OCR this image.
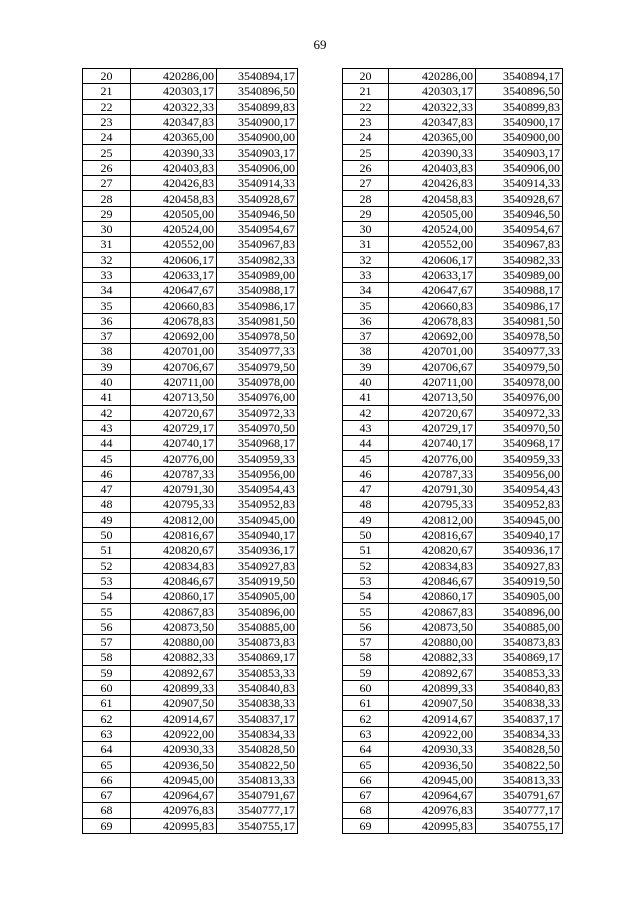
69
20	420286,00	3540894,17		20	420286,00	3540894,17
21	420303,17	3540896,50		21	420303,17	3540896,50
22	420322,33	3540899,83		22	420322,33	3540899,83
23	420347,83	3540900,17		23	420347,83	3540900,17
24	420365,00	3540900,00		24	420365,00	3540900,00
25	420390,33	3540903,17		25	420390,33	3540903,17
26	420403,83	3540906,00		26	420403,83	3540906,00
27	420426,83	3540914,33		27	420426,83	3540914,33
28	420458,83	3540928,67		28	420458,83	3540928,67
29	420505,00	3540946,50		29	420505,00	3540946,50
30	420524,00	3540954,67		30	420524,00	3540954,67
31	420552,00	3540967,83		31	420552,00	3540967,83
32	420606,17	3540982,33		32	420606,17	3540982,33
33	420633,17	3540989,00		33	420633,17	3540989,00
34	420647,67	3540988,17		34	420647,67	3540988,17
35	420660,83	3540986,17		35	420660,83	3540986,17
36	420678,83	3540981,50		36	420678,83	3540981,50
37	420692,00	3540978,50		37	420692,00	3540978,50
38	420701,00	3540977,33		38	420701,00	3540977,33
39	420706,67	3540979,50		39	420706,67	3540979,50
40	420711,00	3540978,00		40	420711,00	3540978,00
41	420713,50	3540976,00		41	420713,50	3540976,00
42	420720,67	3540972,33		42	420720,67	3540972,33
43	420729,17	3540970,50		43	420729,17	3540970,50
44	420740,17	3540968,17		44	420740,17	3540968,17
45	420776,00	3540959,33		45	420776,00	3540959,33
46	420787,33	3540956,00		46	420787,33	3540956,00
47	420791,30	3540954,43		47	420791,30	3540954,43
48	420795,33	3540952,83		48	420795,33	3540952,83
49	420812,00	3540945,00		49	420812,00	3540945,00
50	420816,67	3540940,17		50	420816,67	3540940,17
51	420820,67	3540936,17		51	420820,67	3540936,17
52	420834,83	3540927,83		52	420834,83	3540927,83
53	420846,67	3540919,50		53	420846,67	3540919,50
54	420860,17	3540905,00		54	420860,17	3540905,00
55	420867,83	3540896,00		55	420867,83	3540896,00
56	420873,50	3540885,00		56	420873,50	3540885,00
57	420880,00	3540873,83		57	420880,00	3540873,83
58	420882,33	3540869,17		58	420882,33	3540869,17
59	420892,67	3540853,33		59	420892,67	3540853,33
60	420899,33	3540840,83		60	420899,33	3540840,83
61	420907,50	3540838,33		61	420907,50	3540838,33
62	420914,67	3540837,17		62	420914,67	3540837,17
63	420922,00	3540834,33		63	420922,00	3540834,33
64	420930,33	3540828,50		64	420930,33	3540828,50
65	420936,50	3540822,50		65	420936,50	3540822,50
66	420945,00	3540813,33		66	420945,00	3540813,33
67	420964,67	3540791,67		67	420964,67	3540791,67
68	420976,83	3540777,17		68	420976,83	3540777,17
69	420995,83	3540755,17		69	420995,83	3540755,17
